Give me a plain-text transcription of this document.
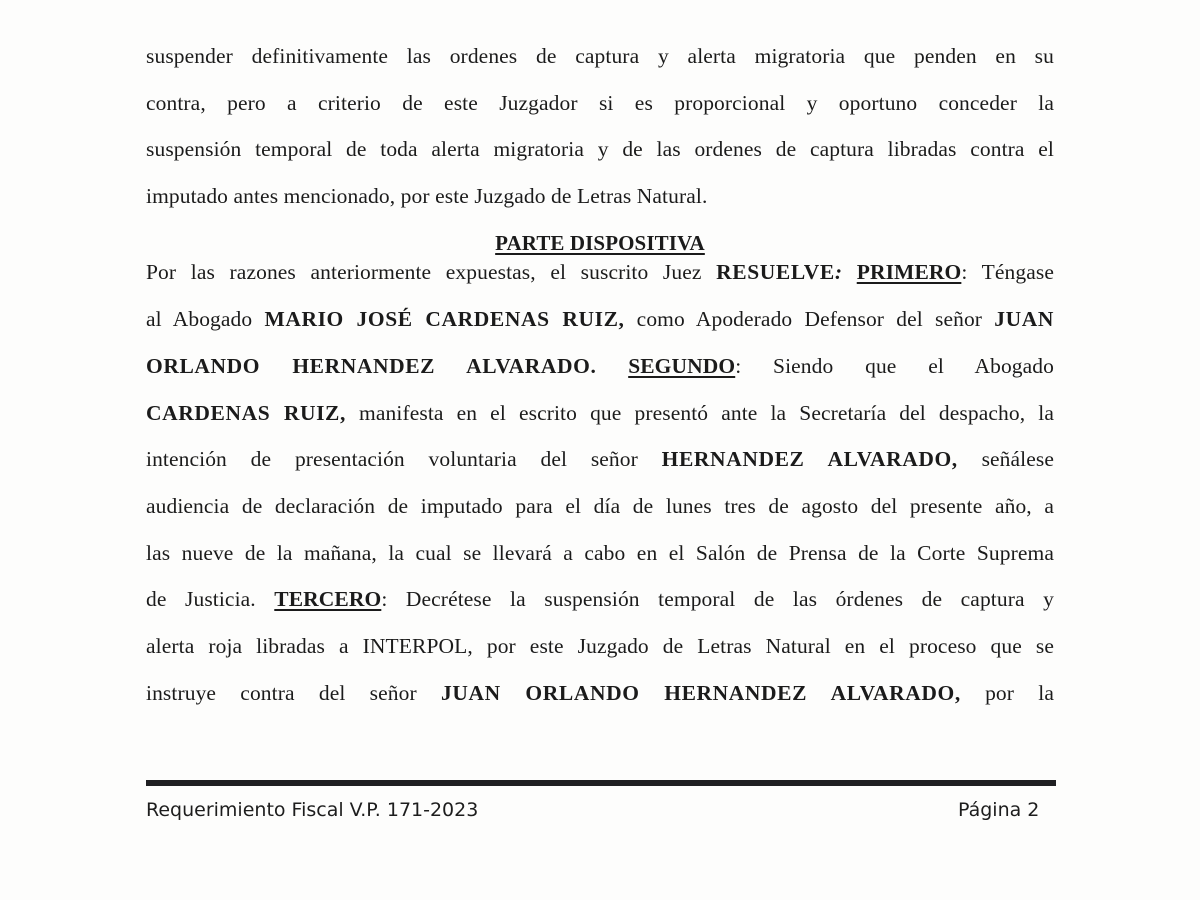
suspender definitivamente las ordenes de captura y alerta migratoria que penden en su
contra, pero a criterio de este Juzgador si es proporcional y oportuno conceder la
suspensión temporal de toda alerta migratoria y de las ordenes de captura libradas contra el
imputado antes mencionado, por este Juzgado de Letras Natural.
PARTE DISPOSITIVA
Por las razones anteriormente expuestas, el suscrito Juez RESUELVE: PRIMERO: Téngase
al Abogado MARIO JOSÉ CARDENAS RUIZ, como Apoderado Defensor del señor JUAN
ORLANDO HERNANDEZ ALVARADO. SEGUNDO: Siendo que el Abogado
CARDENAS RUIZ, manifesta en el escrito que presentó ante la Secretaría del despacho, la
intención de presentación voluntaria del señor HERNANDEZ ALVARADO, señálese
audiencia de declaración de imputado para el día de lunes tres de agosto del presente año, a
las nueve de la mañana, la cual se llevará a cabo en el Salón de Prensa de la Corte Suprema
de Justicia. TERCERO: Decrétese la suspensión temporal de las órdenes de captura y
alerta roja libradas a INTERPOL, por este Juzgado de Letras Natural en el proceso que se
instruye contra del señor JUAN ORLANDO HERNANDEZ ALVARADO, por la
Requerimiento Fiscal V.P. 171-2023	Página 2
